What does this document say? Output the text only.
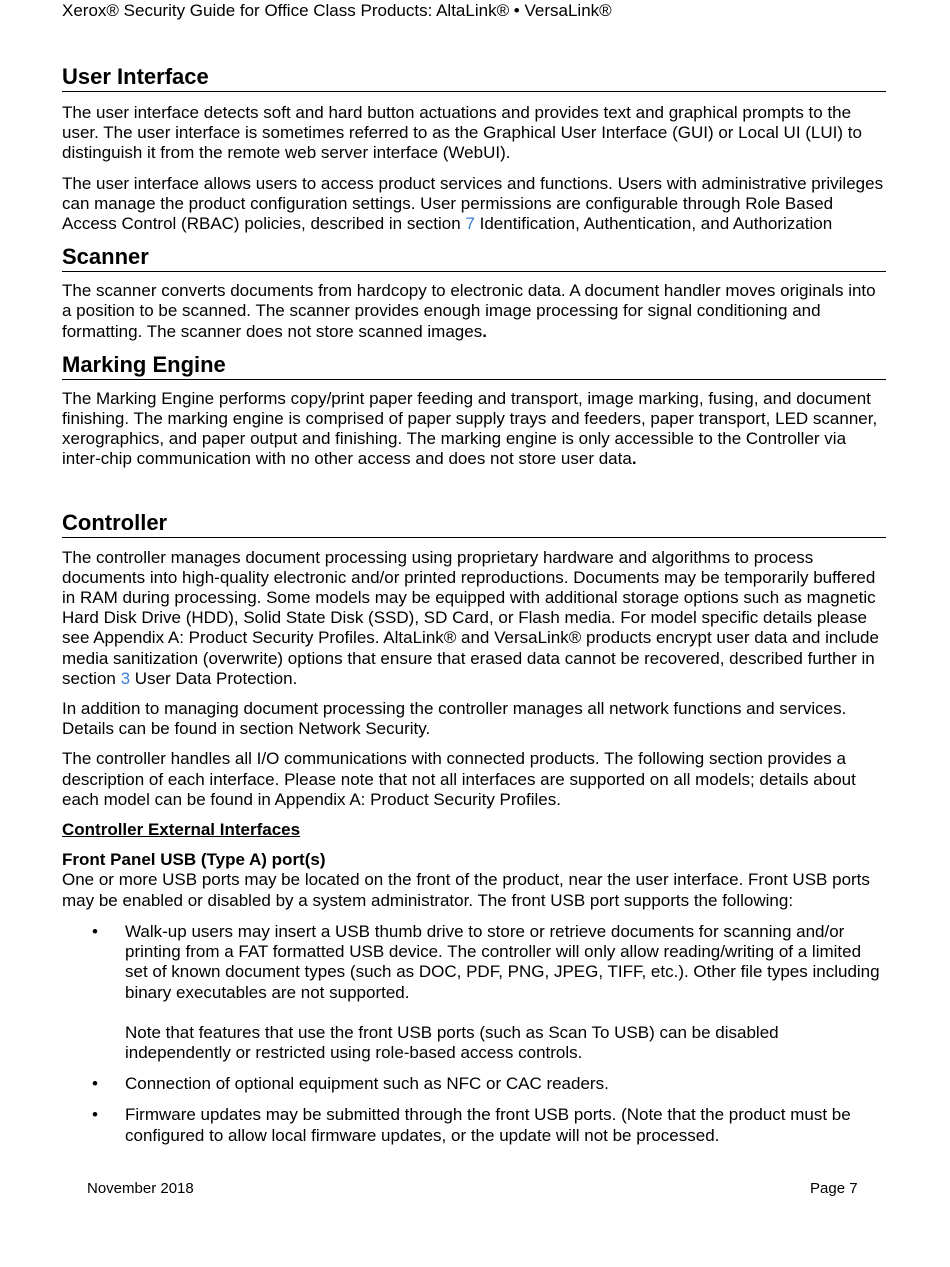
Xerox® Security Guide for Office Class Products: AltaLink® • VersaLink®
User Interface

The user interface detects soft and hard button actuations and provides text and graphical prompts to the user. The user interface is sometimes referred to as the Graphical User Interface (GUI) or Local UI (LUI) to distinguish it from the remote web server interface (WebUI).

The user interface allows users to access product services and functions. Users with administrative privileges can manage the product configuration settings. User permissions are configurable through Role Based Access Control (RBAC) policies, described in section 7 Identification, Authentication, and Authorization

Scanner

The scanner converts documents from hardcopy to electronic data. A document handler moves originals into a position to be scanned. The scanner provides enough image processing for signal conditioning and formatting. The scanner does not store scanned images.

Marking Engine

The Marking Engine performs copy/print paper feeding and transport, image marking, fusing, and document finishing. The marking engine is comprised of paper supply trays and feeders, paper transport, LED scanner, xerographics, and paper output and finishing. The marking engine is only accessible to the Controller via inter-chip communication with no other access and does not store user data.

Controller

The controller manages document processing using proprietary hardware and algorithms to process documents into high-quality electronic and/or printed reproductions. Documents may be temporarily buffered in RAM during processing. Some models may be equipped with additional storage options such as magnetic Hard Disk Drive (HDD), Solid State Disk (SSD), SD Card, or Flash media. For model specific details please see Appendix A: Product Security Profiles. AltaLink® and VersaLink® products encrypt user data and include media sanitization (overwrite) options that ensure that erased data cannot be recovered, described further in section 3 User Data Protection.

In addition to managing document processing the controller manages all network functions and services. Details can be found in section Network Security.

The controller handles all I/O communications with connected products. The following section provides a description of each interface. Please note that not all interfaces are supported on all models; details about each model can be found in Appendix A: Product Security Profiles.

Controller External Interfaces
Front Panel USB (Type A) port(s)

One or more USB ports may be located on the front of the product, near the user interface. Front USB ports may be enabled or disabled by a system administrator. The front USB port supports the following:

• Walk-up users may insert a USB thumb drive to store or retrieve documents for scanning and/or printing from a FAT formatted USB device. The controller will only allow reading/writing of a limited set of known document types (such as DOC, PDF, PNG, JPEG, TIFF, etc.). Other file types including binary executables are not supported.
Note that features that use the front USB ports (such as Scan To USB) can be disabled independently or restricted using role-based access controls.
• Connection of optional equipment such as NFC or CAC readers.
• Firmware updates may be submitted through the front USB ports. (Note that the product must be configured to allow local firmware updates, or the update will not be processed.
November 2018	Page 7
